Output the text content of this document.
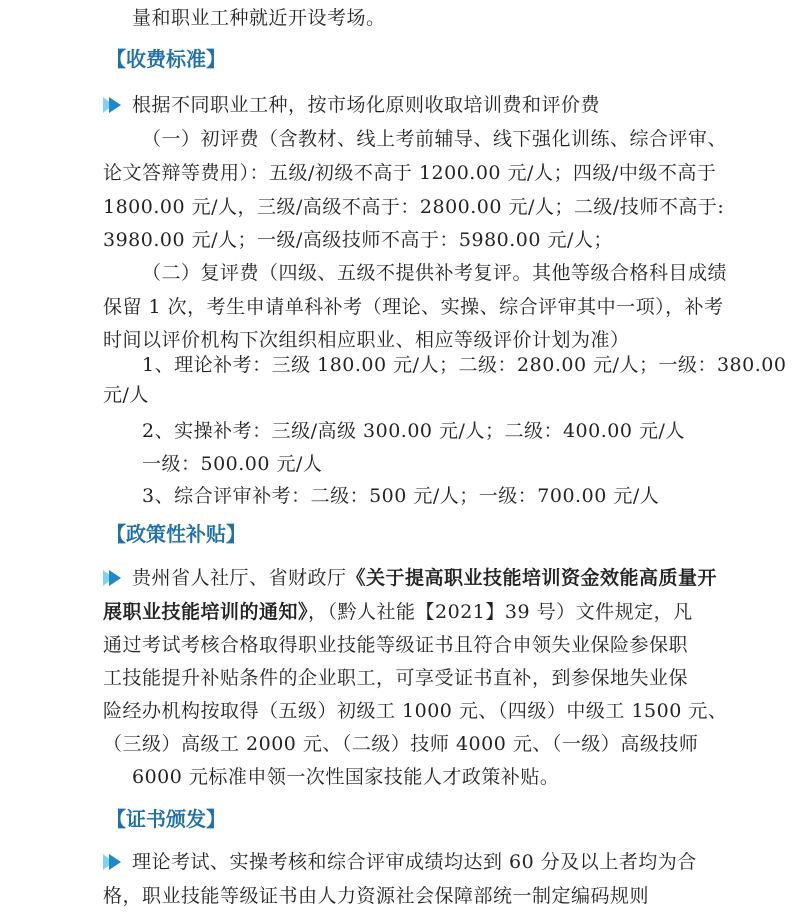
量和职业工种就近开设考场。
【收费标准】
根据不同职业工种，按市场化原则收取培训费和评价费
（一）初评费（含教材、线上考前辅导、线下强化训练、综合评审、
论文答辩等费用）：五级/初级不高于 1200.00 元/人；四级/中级不高于
1800.00 元/人，三级/高级不高于：2800.00 元/人；二级/技师不高于:
3980.00 元/人；一级/高级技师不高于：5980.00 元/人；
（二）复评费（四级、五级不提供补考复评。其他等级合格科目成绩
保留 1 次，考生申请单科补考（理论、实操、综合评审其中一项），补考
时间以评价机构下次组织相应职业、相应等级评价计划为准）
1、理论补考：三级 180.00 元/人；二级：280.00 元/人；一级：380.00
元/人
2、实操补考：三级/高级 300.00 元/人；二级：400.00 元/人
一级：500.00 元/人
3、综合评审补考：二级：500 元/人；一级：700.00 元/人
【政策性补贴】
贵州省人社厅、省财政厅《关于提高职业技能培训资金效能高质量开
展职业技能培训的通知》，（黔人社能【2021】39 号）文件规定，凡
通过考试考核合格取得职业技能等级证书且符合申领失业保险参保职
工技能提升补贴条件的企业职工，可享受证书直补，到参保地失业保
险经办机构按取得（五级）初级工 1000 元、（四级）中级工 1500 元、
（三级）高级工 2000 元、（二级）技师 4000 元、（一级）高级技师
6000 元标准申领一次性国家技能人才政策补贴。
【证书颁发】
理论考试、实操考核和综合评审成绩均达到 60 分及以上者均为合
格，职业技能等级证书由人力资源社会保障部统一制定编码规则
